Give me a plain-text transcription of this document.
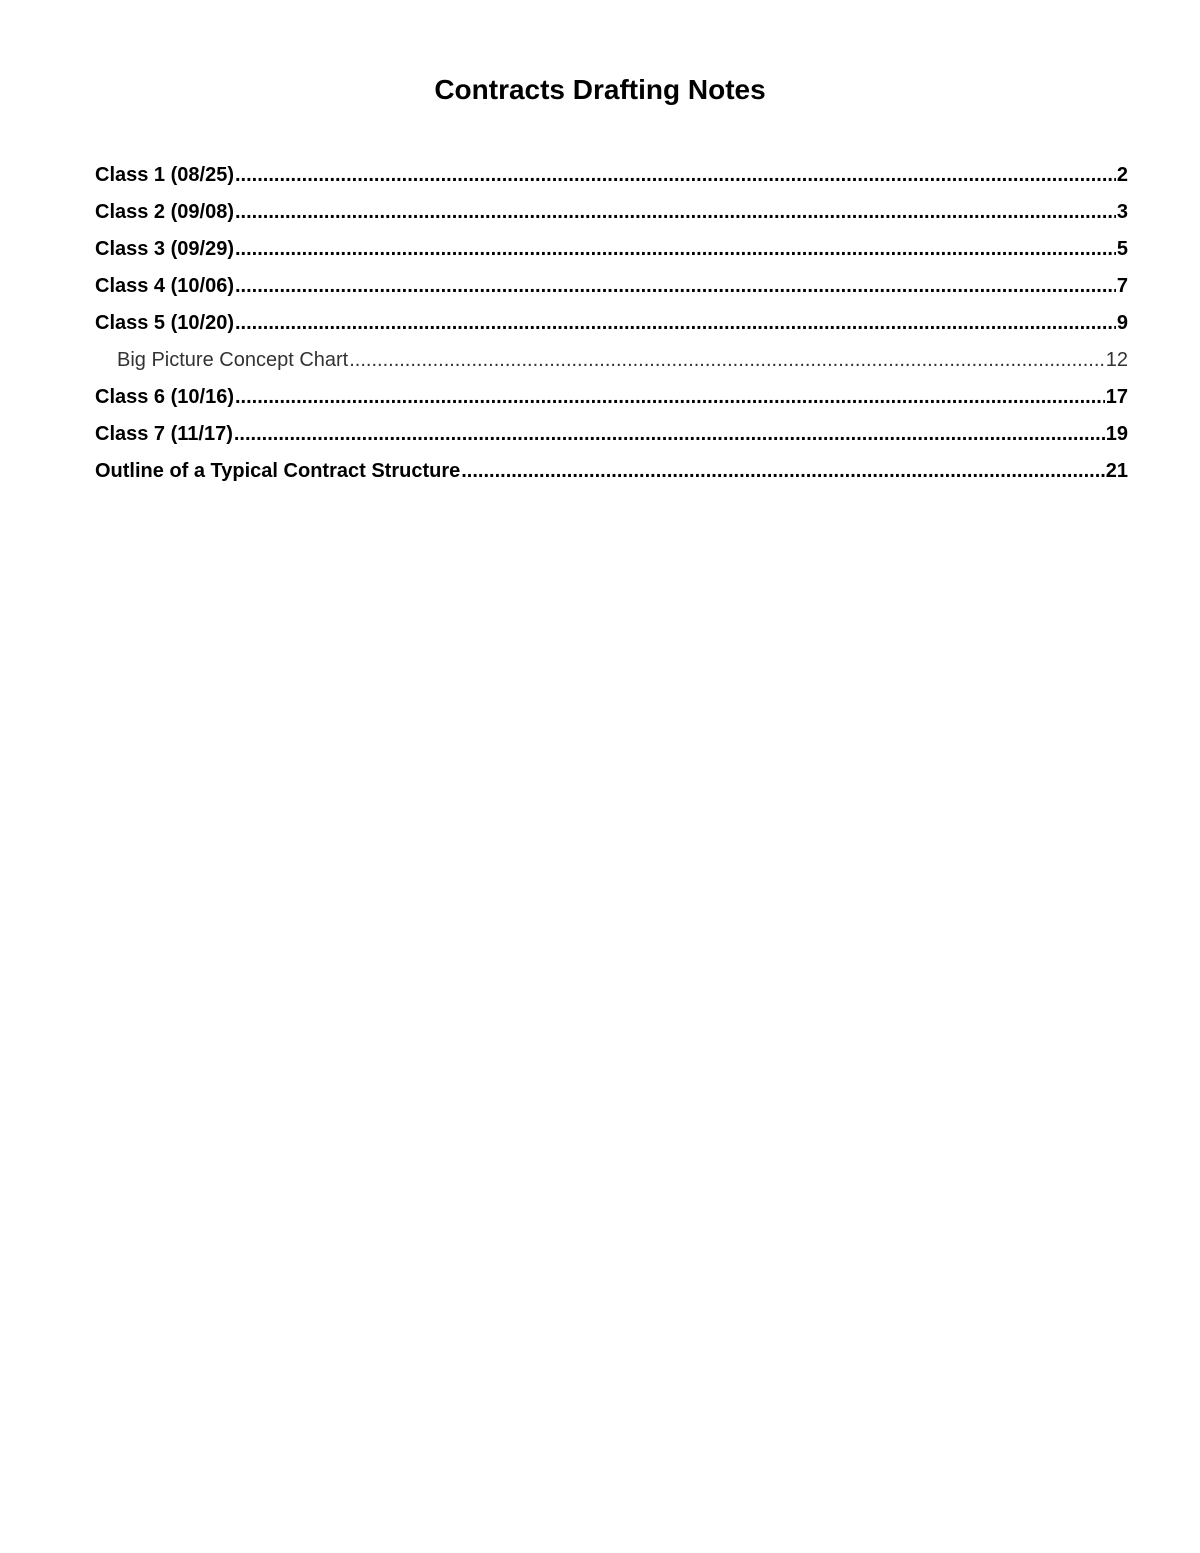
Contracts Drafting Notes
Class 1 (08/25) .....	2
Class 2 (09/08) .....	3
Class 3 (09/29) .....	5
Class 4 (10/06) .....	7
Class 5 (10/20) .....	9
Big Picture Concept Chart .....	12
Class 6 (10/16) .....	17
Class 7 (11/17) .....	19
Outline of a Typical Contract Structure .....	21
